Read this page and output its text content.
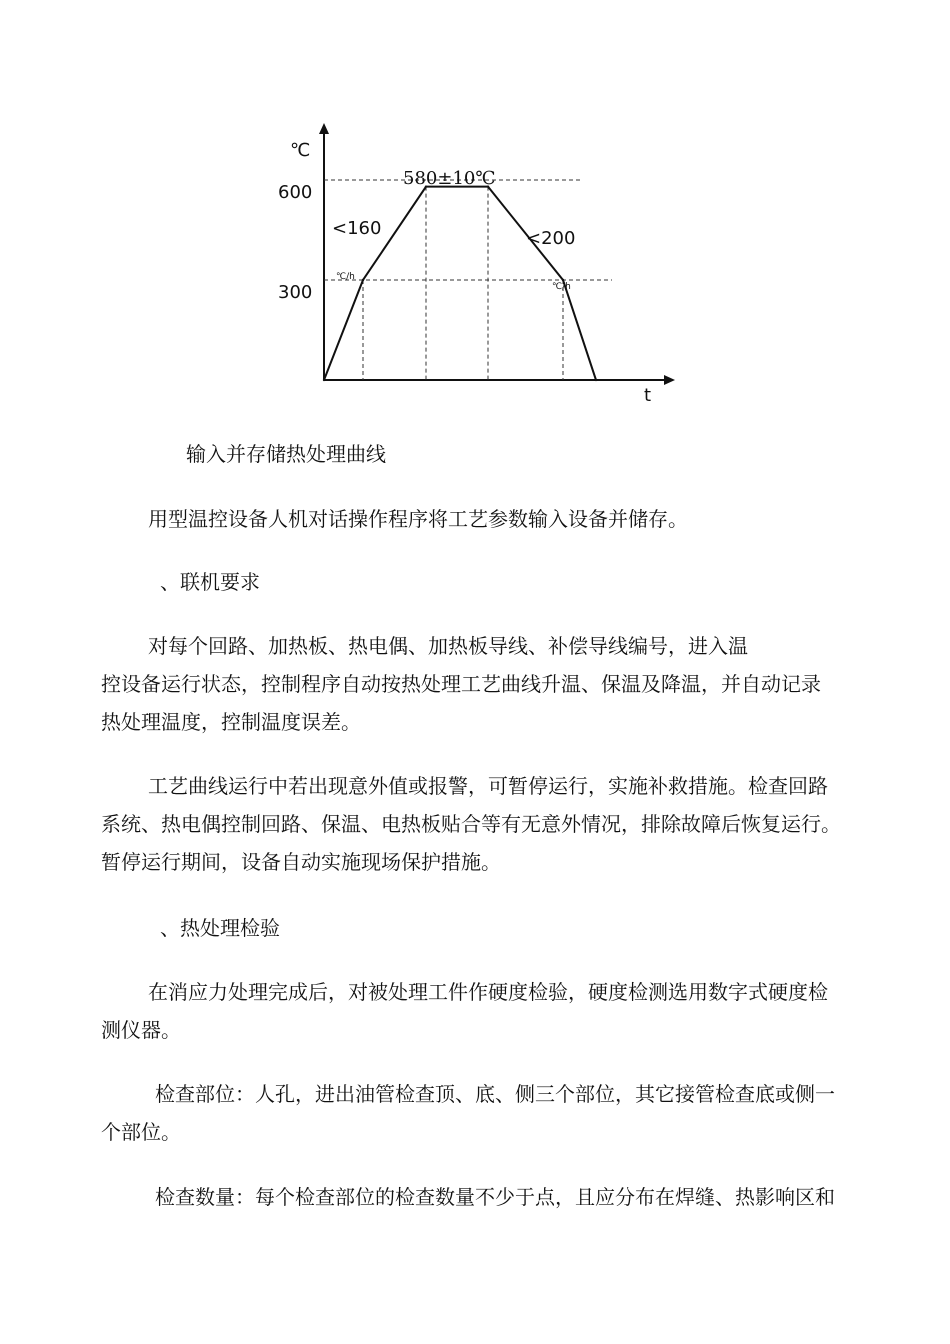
℃
t
600
300
580±10℃
<160	<200
℃/h
℃/h
输入并存储热处理曲线
用型温控设备人机对话操作程序将工艺参数输入设备并储存。
、联机要求
对每个回路、加热板、热电偶、加热板导线、补偿导线编号，进入温
控设备运行状态，控制程序自动按热处理工艺曲线升温、保温及降温，并自动记录
热处理温度，控制温度误差。
工艺曲线运行中若出现意外值或报警，可暂停运行，实施补救措施。检查回路
系统、热电偶控制回路、保温、电热板贴合等有无意外情况，排除故障后恢复运行。
暂停运行期间，设备自动实施现场保护措施。
、热处理检验
在消应力处理完成后，对被处理工件作硬度检验，硬度检测选用数字式硬度检
测仪器。
检查部位：人孔，进出油管检查顶、底、侧三个部位，其它接管检查底或侧一
个部位。
检查数量：每个检查部位的检查数量不少于点，且应分布在焊缝、热影响区和
